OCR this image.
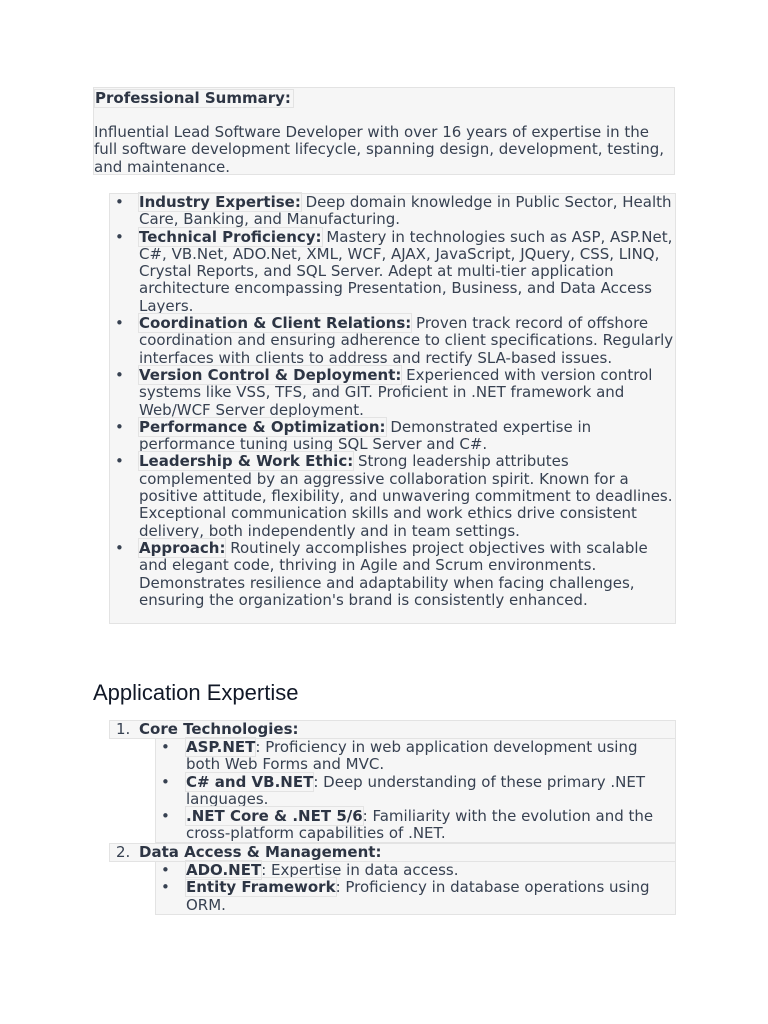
Professional Summary:
Influential Lead Software Developer with over 16 years of expertise in the full software development lifecycle, spanning design, development, testing, and maintenance.
• Industry Expertise: Deep domain knowledge in Public Sector, Health Care, Banking, and Manufacturing.
• Technical Proficiency: Mastery in technologies such as ASP, ASP.Net, C#, VB.Net, ADO.Net, XML, WCF, AJAX, JavaScript, JQuery, CSS, LINQ, Crystal Reports, and SQL Server. Adept at multi-tier application architecture encompassing Presentation, Business, and Data Access Layers.
• Coordination & Client Relations: Proven track record of offshore coordination and ensuring adherence to client specifications. Regularly interfaces with clients to address and rectify SLA-based issues.
• Version Control & Deployment: Experienced with version control systems like VSS, TFS, and GIT. Proficient in .NET framework and Web/WCF Server deployment.
• Performance & Optimization: Demonstrated expertise in performance tuning using SQL Server and C#.
• Leadership & Work Ethic: Strong leadership attributes complemented by an aggressive collaboration spirit. Known for a positive attitude, flexibility, and unwavering commitment to deadlines. Exceptional communication skills and work ethics drive consistent delivery, both independently and in team settings.
• Approach: Routinely accomplishes project objectives with scalable and elegant code, thriving in Agile and Scrum environments. Demonstrates resilience and adaptability when facing challenges, ensuring the organization's brand is consistently enhanced.
Application Expertise
1. Core Technologies:
• ASP.NET: Proficiency in web application development using both Web Forms and MVC.
• C# and VB.NET: Deep understanding of these primary .NET languages.
• .NET Core & .NET 5/6: Familiarity with the evolution and the cross-platform capabilities of .NET.
2. Data Access & Management:
• ADO.NET: Expertise in data access.
• Entity Framework: Proficiency in database operations using ORM.
